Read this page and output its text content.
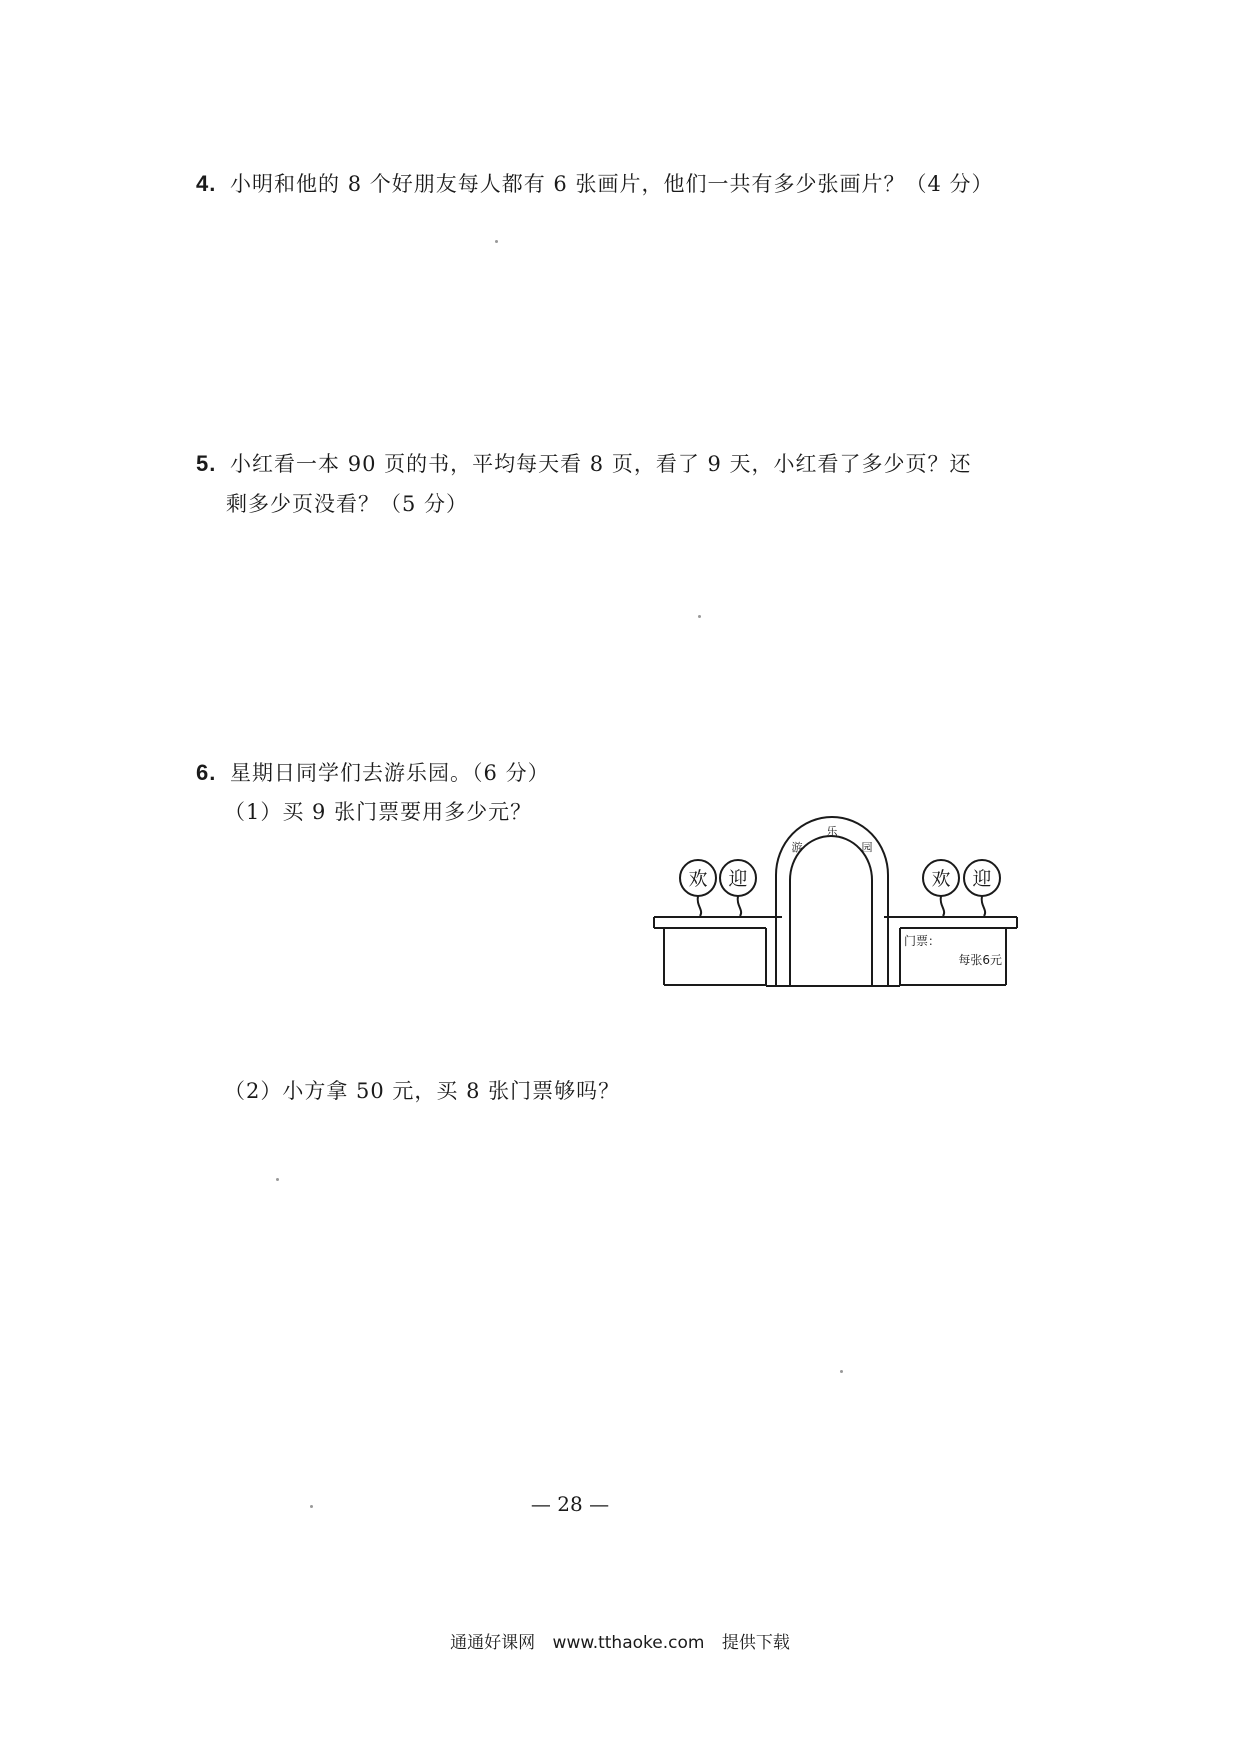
4. 小明和他的 8 个好朋友每人都有 6 张画片，他们一共有多少张画片？（4 分）
5. 小红看一本 90 页的书，平均每天看 8 页，看了 9 天，小红看了多少页？还
剩多少页没看？（5 分）
6. 星期日同学们去游乐园。（6 分）
（1）买 9 张门票要用多少元？
（2）小方拿 50 元，买 8 张门票够吗？
欢 迎	欢 迎
游
乐
园
门票：
每张6元
— 28 —
通通好课网 www.tthaoke.com 提供下载
